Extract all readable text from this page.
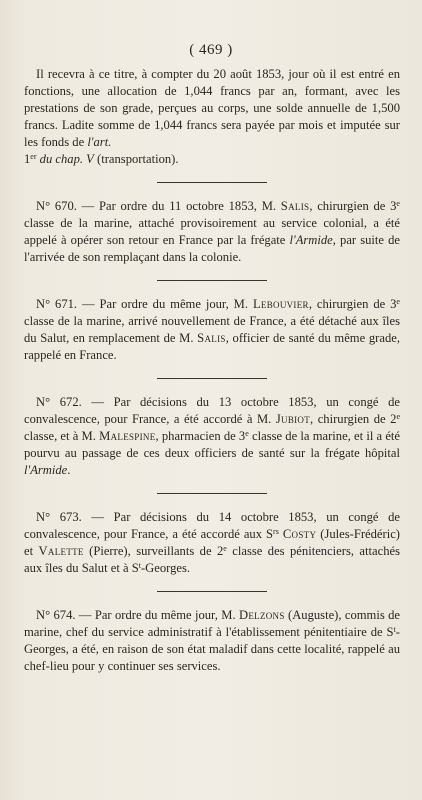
( 469 )

Il recevra à ce titre, à compter du 20 août 1853, jour où il est entré en fonctions, une allocation de 1,044 francs par an, formant, avec les prestations de son grade, perçues au corps, une solde annuelle de 1,500 francs. Ladite somme de 1,044 francs sera payée par mois et imputée sur les fonds de l'art.
1er du chap. V (transportation).

N° 670. — Par ordre du 11 octobre 1853, M. Salis, chirurgien de 3e classe de la marine, attaché provisoirement au service colonial, a été appelé à opérer son retour en France par la frégate l'Armide, par suite de l'arrivée de son remplaçant dans la colonie.

N° 671. — Par ordre du même jour, M. Lebouvier, chirurgien de 3e classe de la marine, arrivé nouvellement de France, a été détaché aux îles du Salut, en remplacement de M. Salis, officier de santé du même grade, rappelé en France.

N° 672. — Par décisions du 13 octobre 1853, un congé de convalescence, pour France, a été accordé à M. Jubiot, chirurgien de 2e classe, et à M. Malespine, pharmacien de 3e classe de la marine, et il a été pourvu au passage de ces deux officiers de santé sur la frégate hôpital l'Armide.

N° 673. — Par décisions du 14 octobre 1853, un congé de convalescence, pour France, a été accordé aux $S^{rs}$ Costy (Jules-Frédéric) et Valette (Pierre), surveillants de 2e classe des pénitenciers, attachés aux îles du Salut et à $S^t$-Georges.

N° 674. — Par ordre du même jour, M. Delzons (Auguste), commis de marine, chef du service administratif à l'établissement pénitentiaire de $S^t$-Georges, a été, en raison de son état maladif dans cette localité, rappelé au chef-lieu pour y continuer ses services.
